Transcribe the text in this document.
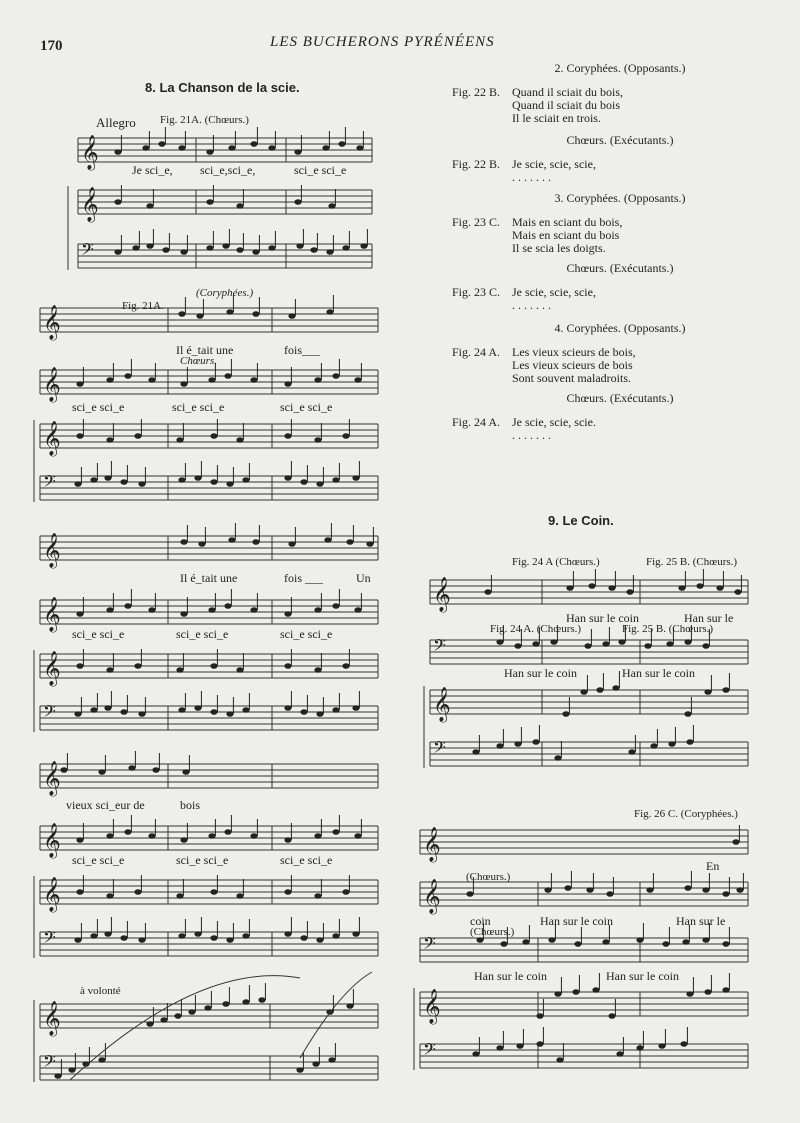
170	LES BUCHERONS PYRÉNÉENS
8. La Chanson de la scie.
Allegro Fig. 21A. (Chœurs.)
𝄞
𝄞
𝄢
𝄞
𝄞
𝄞
𝄢
𝄞
𝄞
𝄞
𝄢
𝄞
𝄞
𝄞
𝄢
𝄞
𝄢
Je sci_e, sci_e,sci_e,	sci_e sci_e
(Coryphées.)
Fig. 21A.
Il é_tait une	fois___
Chœurs.
sci_e sci_e	sci_e sci_e	sci_e sci_e
Il é_tait une	fois ___	Un
sci_e sci_e	sci_e sci_e	sci_e sci_e
vieux sci_eur de	bois
sci_e sci_e	sci_e sci_e	sci_e sci_e
à volonté
2. Coryphées. (Opposants.)
Fig. 22 B. Quand il sciait du bois,
Quand il sciait du bois
Il le sciait en trois.
Chœurs. (Exécutants.)
Fig. 22 B. Je scie, scie, scie,
. . . . . . .
3. Coryphées. (Opposants.)
Fig. 23 C. Mais en sciant du bois,
Mais en sciant du bois
Il se scia les doigts.
Chœurs. (Exécutants.)
Fig. 23 C. Je scie, scie, scie,
. . . . . . .
4. Coryphées. (Opposants.)
Fig. 24 A. Les vieux scieurs de bois,
Les vieux scieurs de bois
Sont souvent maladroits.
Chœurs. (Exécutants.)
Fig. 24 A. Je scie, scie, scie.
. . . . . . .
9. Le Coin.
𝄞
𝄢
𝄞
𝄢
𝄞
𝄞
𝄢
𝄞
𝄢
Fig. 24 A (Chœurs.)	Fig. 25 B. (Chœurs.)
Han sur le coin	Han sur le
Fig. 24 A. (Chœurs.)	Fig. 25 B. (Chœurs.)
Han sur le coin	Han sur le coin
Fig. 26 C. (Coryphées.)
En
(Chœurs.)
coin	Han sur le coin	Han sur le
(Chœurs.)
Han sur le coin	Han sur le coin
